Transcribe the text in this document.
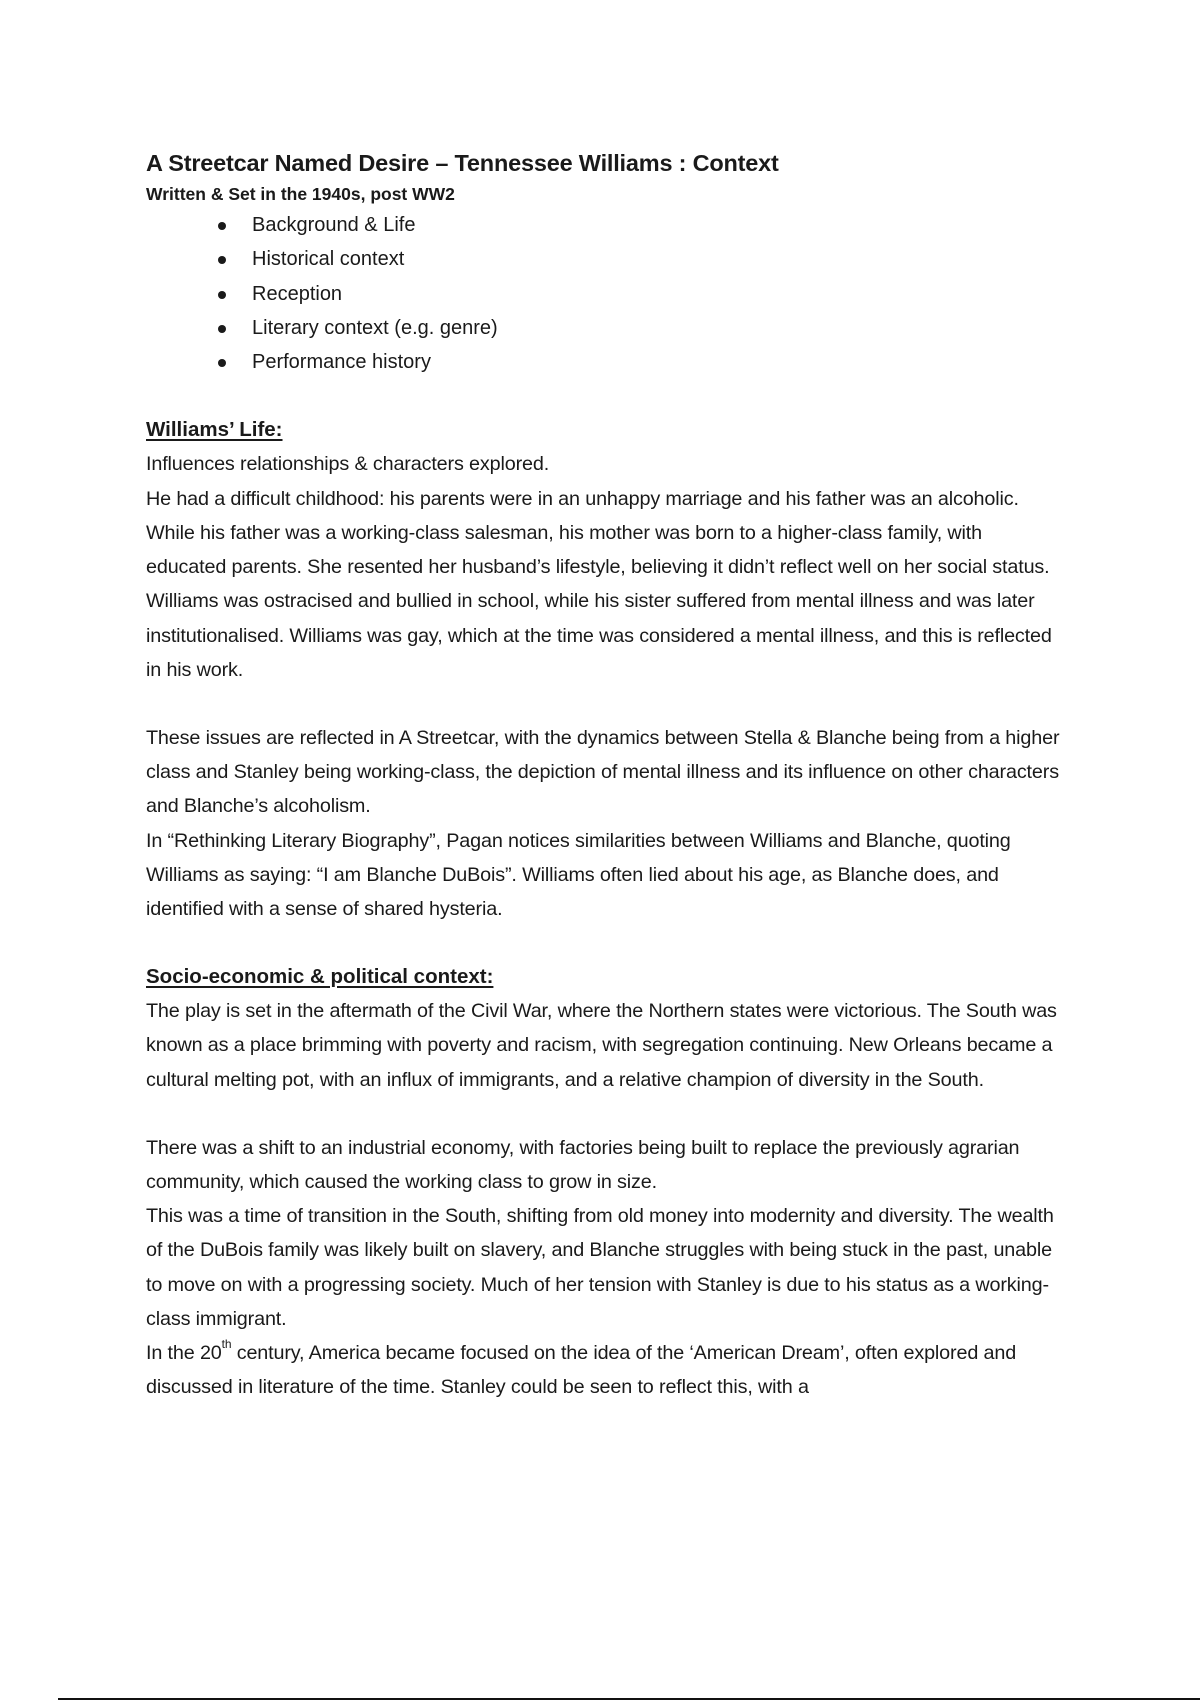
A Streetcar Named Desire – Tennessee Williams : Context

Written & Set in the 1940s, post WW2

Background & Life
Historical context
Reception
Literary context (e.g. genre)
Performance history
Williams’ Life:

Influences relationships & characters explored.

He had a difficult childhood: his parents were in an unhappy marriage and his father was an alcoholic. While his father was a working-class salesman, his mother was born to a higher-class family, with educated parents. She resented her husband’s lifestyle, believing it didn’t reflect well on her social status.

Williams was ostracised and bullied in school, while his sister suffered from mental illness and was later institutionalised. Williams was gay, which at the time was considered a mental illness, and this is reflected in his work.

These issues are reflected in A Streetcar, with the dynamics between Stella & Blanche being from a higher class and Stanley being working-class, the depiction of mental illness and its influence on other characters and Blanche’s alcoholism.

In “Rethinking Literary Biography”, Pagan notices similarities between Williams and Blanche, quoting Williams as saying: “I am Blanche DuBois”. Williams often lied about his age, as Blanche does, and identified with a sense of shared hysteria.

Socio-economic & political context:

The play is set in the aftermath of the Civil War, where the Northern states were victorious. The South was known as a place brimming with poverty and racism, with segregation continuing. New Orleans became a cultural melting pot, with an influx of immigrants, and a relative champion of diversity in the South.

There was a shift to an industrial economy, with factories being built to replace the previously agrarian community, which caused the working class to grow in size.

This was a time of transition in the South, shifting from old money into modernity and diversity. The wealth of the DuBois family was likely built on slavery, and Blanche struggles with being stuck in the past, unable to move on with a progressing society. Much of her tension with Stanley is due to his status as a working-class immigrant.

In the 20th century, America became focused on the idea of the ‘American Dream’, often explored and discussed in literature of the time. Stanley could be seen to reflect this, with a
